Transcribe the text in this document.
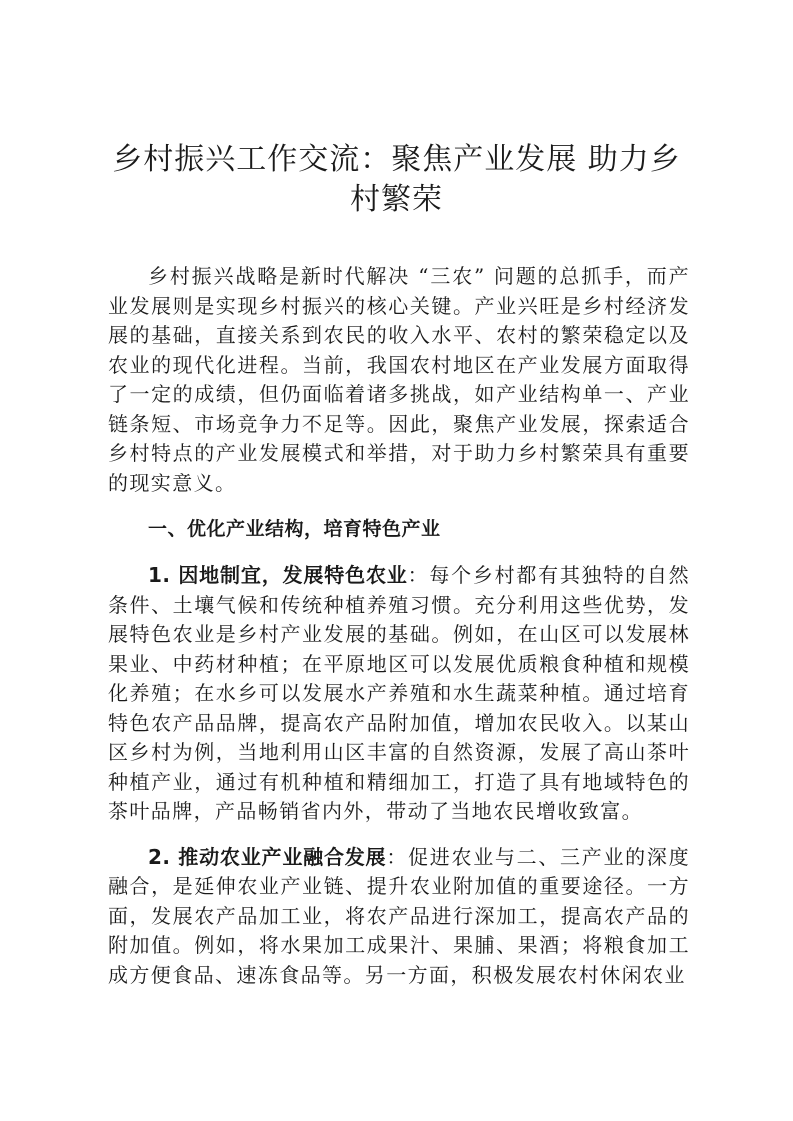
乡村振兴工作交流：聚焦产业发展 助力乡村繁荣

乡村振兴战略是新时代解决 “三农” 问题的总抓手，而产业发展则是实现乡村振兴的核心关键。产业兴旺是乡村经济发展的基础，直接关系到农民的收入水平、农村的繁荣稳定以及农业的现代化进程。当前，我国农村地区在产业发展方面取得了一定的成绩，但仍面临着诸多挑战，如产业结构单一、产业链条短、市场竞争力不足等。因此，聚焦产业发展，探索适合乡村特点的产业发展模式和举措，对于助力乡村繁荣具有重要的现实意义。

一、优化产业结构，培育特色产业

1. 因地制宜，发展特色农业：每个乡村都有其独特的自然条件、土壤气候和传统种植养殖习惯。充分利用这些优势，发展特色农业是乡村产业发展的基础。例如，在山区可以发展林果业、中药材种植；在平原地区可以发展优质粮食种植和规模化养殖；在水乡可以发展水产养殖和水生蔬菜种植。通过培育特色农产品品牌，提高农产品附加值，增加农民收入。以某山区乡村为例，当地利用山区丰富的自然资源，发展了高山茶叶种植产业，通过有机种植和精细加工，打造了具有地域特色的茶叶品牌，产品畅销省内外，带动了当地农民增收致富。

2. 推动农业产业融合发展：促进农业与二、三产业的深度融合，是延伸农业产业链、提升农业附加值的重要途径。一方面，发展农产品加工业，将农产品进行深加工，提高农产品的附加值。例如，将水果加工成果汁、果脯、果酒；将粮食加工成方便食品、速冻食品等。另一方面，积极发展农村休闲农业
